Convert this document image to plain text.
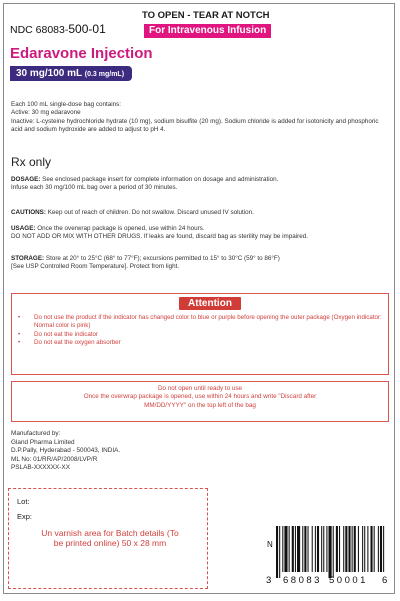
NDC 68083-500-01
TO OPEN - TEAR AT NOTCH
For Intravenous Infusion
Edaravone Injection
30 mg/100 mL (0.3 mg/mL)
Each 100 mL single-dose bag contains:
Active: 30 mg edaravone
Inactive: L-cysteine hydrochloride hydrate (10 mg), sodium bisulfite (20 mg). Sodium chloride is added for isotonicity and phosphoric acid and sodium hydroxide are added to adjust to pH 4.
Rx only
DOSAGE: See enclosed package insert for complete information on dosage and administration.
Infuse each 30 mg/100 mL bag over a period of 30 minutes.
CAUTIONS: Keep out of reach of children. Do not swallow. Discard unused IV solution.
USAGE: Once the overwrap package is opened, use within 24 hours.
DO NOT ADD OR MIX WITH OTHER DRUGS. If leaks are found, discard bag as sterility may be impaired.
STORAGE: Store at 20° to 25°C (68° to 77°F); excursions permitted to 15° to 30°C (59° to 86°F)
[See USP Controlled Room Temperature]. Protect from light.
Attention
• Do not use the product if the indicator has changed color to blue or purple before opening the outer package (Oxygen indicator: Normal color is pink)
• Do not eat the indicator
• Do not eat the oxygen absorber
Do not open until ready to use
Once the overwrap package is opened, use within 24 hours and write "Discard after
MM/DD/YYYY" on the top left of the bag
Manufactured by:
Gland Pharma Limited
D.P.Pally, Hyderabad - 500043, INDIA.
ML No: 01/RR/AP/2008/LVP/R
PSLAB-XXXXXX-XX
Lot:
Exp:
Un varnish area for Batch details (To be printed online) 50 x 28 mm
3 68083 50001 6
N
